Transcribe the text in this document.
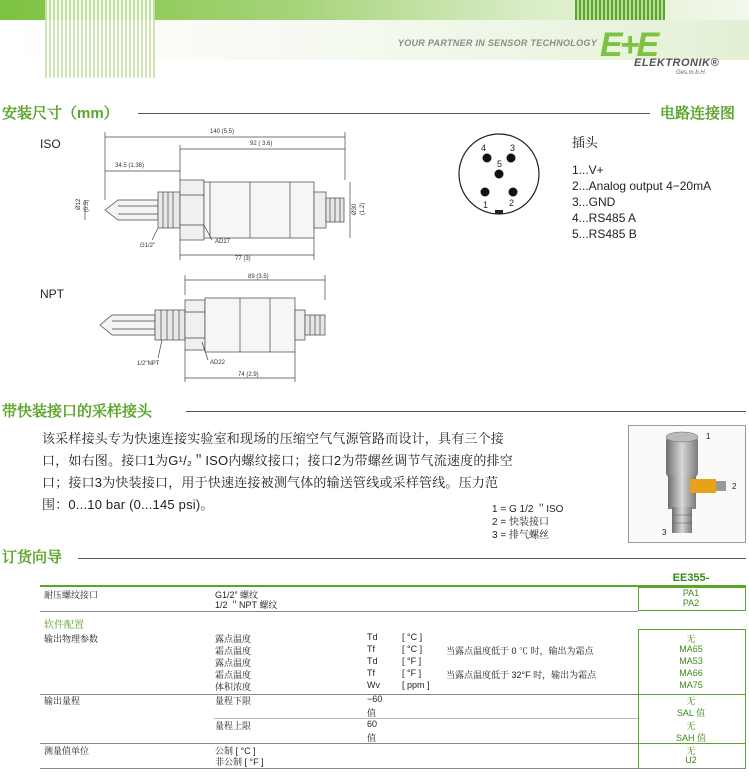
YOUR PARTNER IN SENSOR TECHNOLOGY E+E
ELEKTRONIK®
Ges.m.b.H.
安装尺寸（mm）	电路连接图
ISO
NPT
140 (5.5)
92 ( 3.6)
34.5 (1.36)
Ø12 (0.5)	Ø30 (1.2)
G1/2"
AD27
77 (3)
89 (3.5)
1/2"NPT	AD22
74 (2.9)
4	3
5
1 2
插头
1...V+
2...Analog output 4−20mA
3...GND
4...RS485 A
5...RS485 B
带快装接口的采样接头
该采样接头专为快速连接实验室和现场的压缩空气气源管路而设计，具有三个接
口，如右图。接口1为G¹/₂＂ISO内螺纹接口；接口2为带螺丝调节气流速度的排空
口；接口3为快装接口，用于快速连接被测气体的输送管线或采样管线。压力范
围：0...10 bar (0...145 psi)。	1 = G 1/2 ＂ISO
2 = 快装接口
3 = 排气螺丝
1
2
3
订货向导
EE355-
耐压螺纹接口	G1/2” 螺纹	PA1
1/2 ＂NPT 螺纹	PA2
软件配置
输出物理参数	露点温度	Td	[ °C ]	无
霜点温度	Tf	[ °C ]	当露点温度低于 0 ℃ 时，输出为霜点	MA65
露点温度	Td	[ °F ]	MA53
霜点温度	Tf	[ °F ]	当露点温度低于 32°F 时，输出为霜点	MA66
体积浓度	Wv [ ppm ]	MA75
输出量程	量程下限	−60	无
值	SAL 值
量程上限	60	无
值	SAH 值
测量值单位	公制 [ °C ]	无
非公制 [ °F ]	U2
